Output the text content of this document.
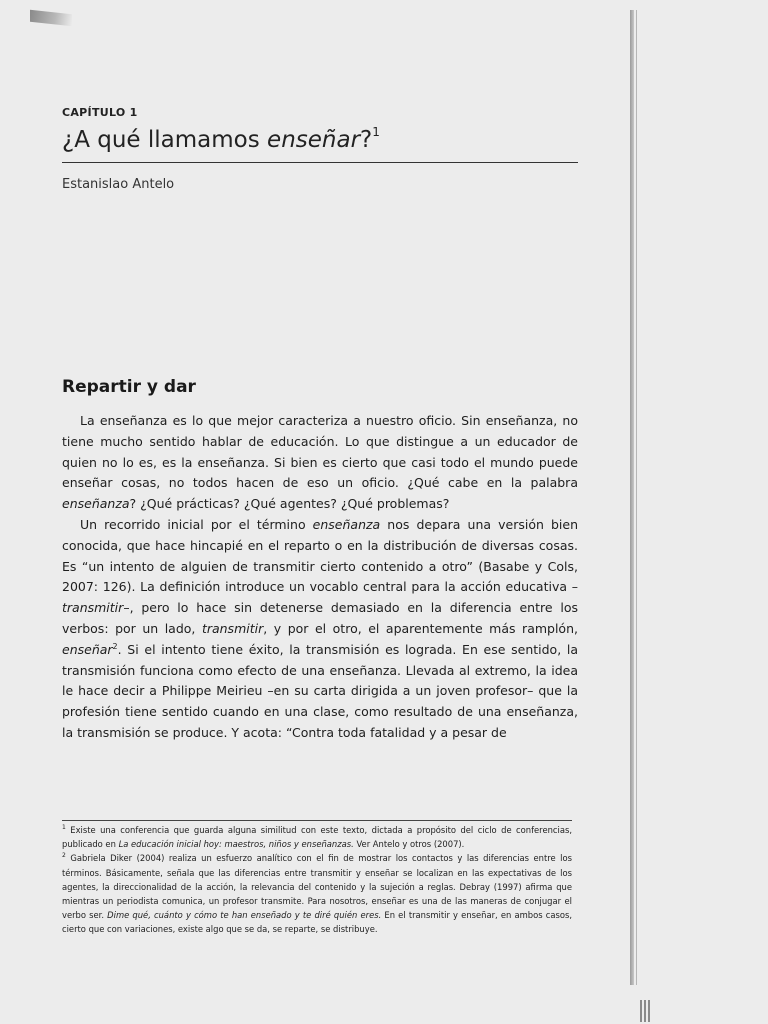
CAPÍTULO 1
¿A qué llamamos enseñar?$^1$
Estanislao Antelo
Repartir y dar

La enseñanza es lo que mejor caracteriza a nuestro oficio. Sin enseñanza, no tiene mucho sentido hablar de educación. Lo que distingue a un educador de quien no lo es, es la enseñanza. Si bien es cierto que casi todo el mundo puede enseñar cosas, no todos hacen de eso un oficio. ¿Qué cabe en la palabra enseñanza? ¿Qué prácticas? ¿Qué agentes? ¿Qué problemas?

Un recorrido inicial por el término enseñanza nos depara una versión bien conocida, que hace hincapié en el reparto o en la distribución de diversas cosas. Es “un intento de alguien de transmitir cierto contenido a otro” (Basabe y Cols, 2007: 126). La definición introduce un vocablo central para la acción educativa –transmitir–, pero lo hace sin detenerse demasiado en la diferencia entre los verbos: por un lado, transmitir, y por el otro, el aparentemente más ramplón, enseñar$^2$. Si el intento tiene éxito, la transmisión es lograda. En ese sentido, la transmisión funciona como efecto de una enseñanza. Llevada al extremo, la idea le hace decir a Philippe Meirieu –en su carta dirigida a un joven profesor– que la profesión tiene sentido cuando en una clase, como resultado de una enseñanza, la transmisión se produce. Y acota: “Contra toda fatalidad y a pesar de

$^1$ Existe una conferencia que guarda alguna similitud con este texto, dictada a propósito del ciclo de conferencias, publicado en La educación inicial hoy: maestros, niños y enseñanzas. Ver Antelo y otros (2007).

$^2$ Gabriela Diker (2004) realiza un esfuerzo analítico con el fin de mostrar los contactos y las diferencias entre los términos. Básicamente, señala que las diferencias entre transmitir y enseñar se localizan en las expectativas de los agentes, la direccionalidad de la acción, la relevancia del contenido y la sujeción a reglas. Debray (1997) afirma que mientras un periodista comunica, un profesor transmite. Para nosotros, enseñar es una de las maneras de conjugar el verbo ser. Dime qué, cuánto y cómo te han enseñado y te diré quién eres. En el transmitir y enseñar, en ambos casos, cierto que con variaciones, existe algo que se da, se reparte, se distribuye.
